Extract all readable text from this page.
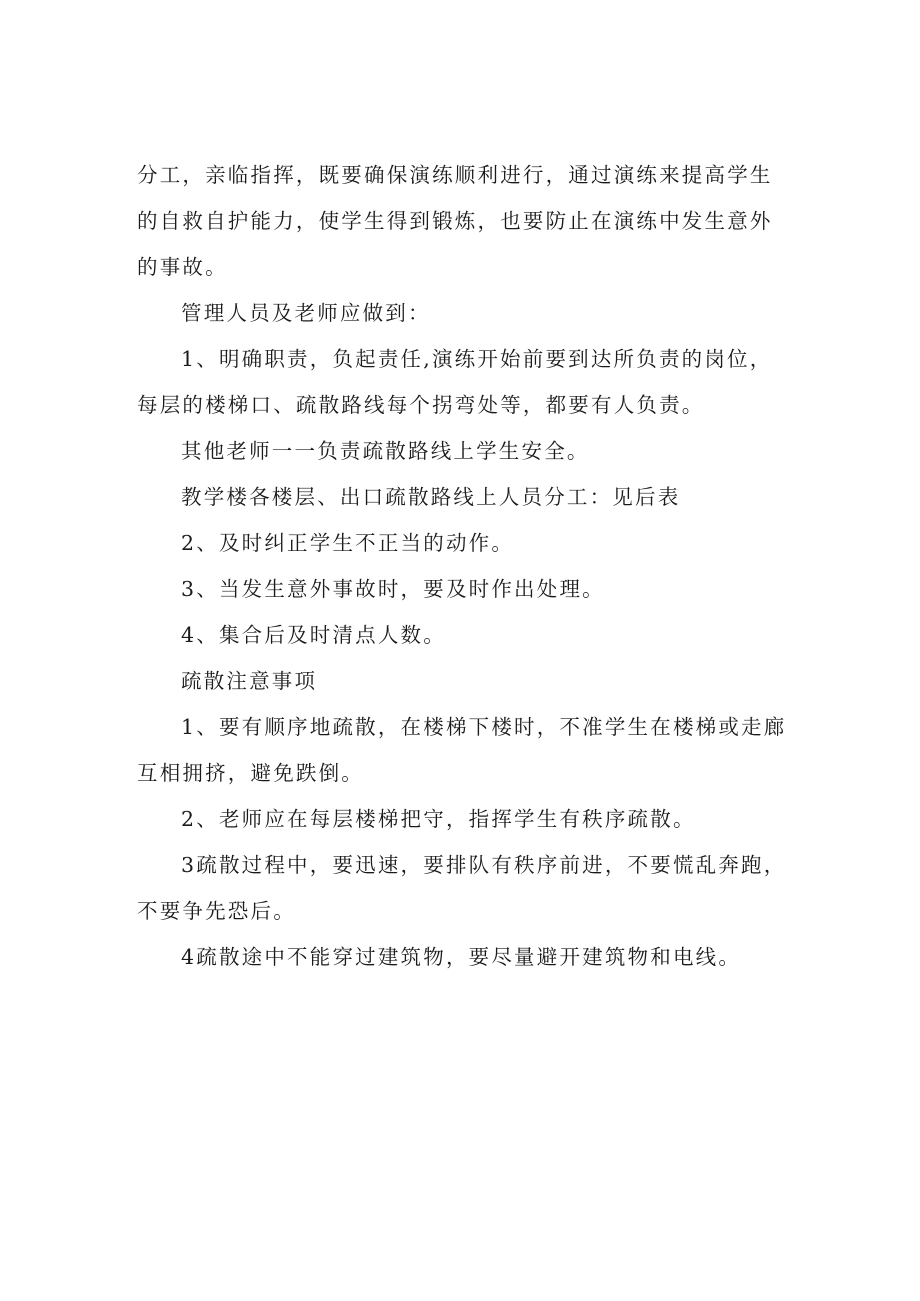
分工，亲临指挥，既要确保演练顺利进行，通过演练来提高学生的自救自护能力，使学生得到锻炼，也要防止在演练中发生意外的事故。

管理人员及老师应做到：

1、明确职责，负起责任,演练开始前要到达所负责的岗位，每层的楼梯口、疏散路线每个拐弯处等，都要有人负责。

其他老师一一负责疏散路线上学生安全。

教学楼各楼层、出口疏散路线上人员分工：见后表

2、及时纠正学生不正当的动作。

3、当发生意外事故时，要及时作出处理。

4、集合后及时清点人数。

疏散注意事项

1、要有顺序地疏散，在楼梯下楼时，不准学生在楼梯或走廊互相拥挤，避免跌倒。

2、老师应在每层楼梯把守，指挥学生有秩序疏散。

3疏散过程中，要迅速，要排队有秩序前进，不要慌乱奔跑，不要争先恐后。

4疏散途中不能穿过建筑物，要尽量避开建筑物和电线。
